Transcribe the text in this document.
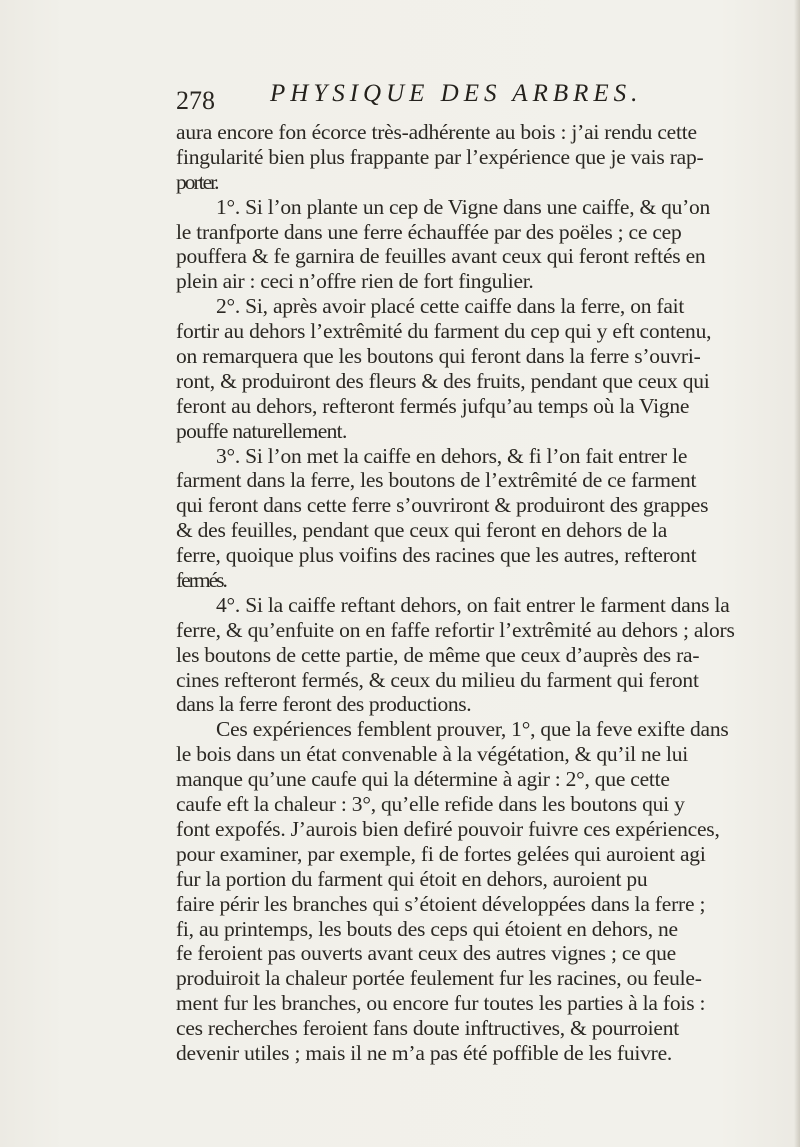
278 PHYSIQUE DES ARBRES.
aura encore fon écorce très-adhérente au bois : j’ai rendu cette
fingularité bien plus frappante par l’expérience que je vais rap-
porter.
1°. Si l’on plante un cep de Vigne dans une caiffe, & qu’on
le tranfporte dans une ferre échauffée par des poëles ; ce cep
pouffera & fe garnira de feuilles avant ceux qui feront reftés en
plein air : ceci n’offre rien de fort fingulier.
2°. Si, après avoir placé cette caiffe dans la ferre, on fait
fortir au dehors l’extrêmité du farment du cep qui y eft contenu,
on remarquera que les boutons qui feront dans la ferre s’ouvri-
ront, & produiront des fleurs & des fruits, pendant que ceux qui
feront au dehors, refteront fermés jufqu’au temps où la Vigne
pouffe naturellement.
3°. Si l’on met la caiffe en dehors, & fi l’on fait entrer le
farment dans la ferre, les boutons de l’extrêmité de ce farment
qui feront dans cette ferre s’ouvriront & produiront des grappes
& des feuilles, pendant que ceux qui feront en dehors de la
ferre, quoique plus voifins des racines que les autres, refteront
fermés.
4°. Si la caiffe reftant dehors, on fait entrer le farment dans la
ferre, & qu’enfuite on en faffe refortir l’extrêmité au dehors ; alors
les boutons de cette partie, de même que ceux d’auprès des ra-
cines refteront fermés, & ceux du milieu du farment qui feront
dans la ferre feront des productions.
Ces expériences femblent prouver, 1°, que la feve exifte dans
le bois dans un état convenable à la végétation, & qu’il ne lui
manque qu’une caufe qui la détermine à agir : 2°, que cette
caufe eft la chaleur : 3°, qu’elle refide dans les boutons qui y
font expofés. J’aurois bien defiré pouvoir fuivre ces expériences,
pour examiner, par exemple, fi de fortes gelées qui auroient agi
fur la portion du farment qui étoit en dehors, auroient pu
faire périr les branches qui s’étoient développées dans la ferre ;
fi, au printemps, les bouts des ceps qui étoient en dehors, ne
fe feroient pas ouverts avant ceux des autres vignes ; ce que
produiroit la chaleur portée feulement fur les racines, ou feule-
ment fur les branches, ou encore fur toutes les parties à la fois :
ces recherches feroient fans doute inftructives, & pourroient
devenir utiles ; mais il ne m’a pas été poffible de les fuivre.
